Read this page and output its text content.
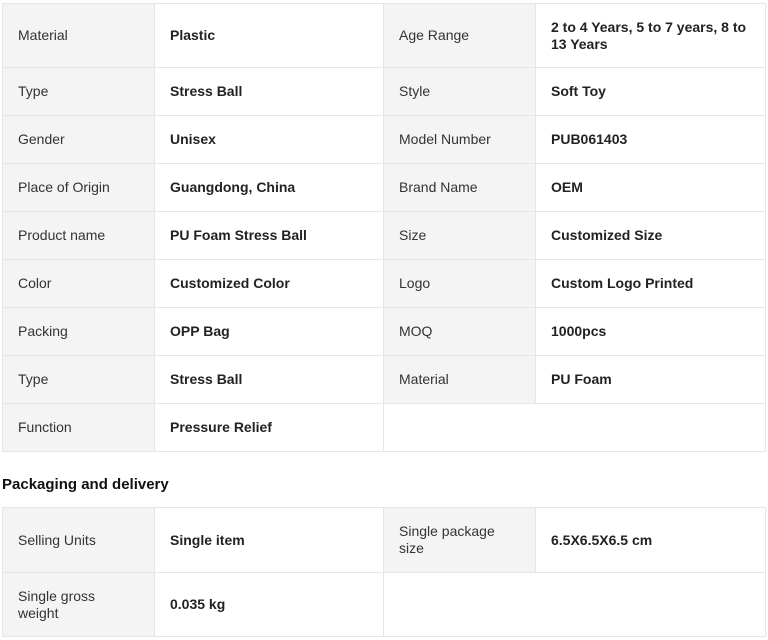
Material	Plastic	Age Range	2 to 4 Years, 5 to 7 years, 8 to 13 Years
Type	Stress Ball	Style	Soft Toy
Gender	Unisex	Model Number	PUB061403
Place of Origin	Guangdong, China	Brand Name	OEM
Product name	PU Foam Stress Ball	Size	Customized Size
Color	Customized Color	Logo	Custom Logo Printed
Packing	OPP Bag	MOQ	1000pcs
Type	Stress Ball	Material	PU Foam
Function	Pressure Relief		
Packaging and delivery
Selling Units	Single item	Single package size	6.5X6.5X6.5 cm
Single gross weight	0.035 kg		
